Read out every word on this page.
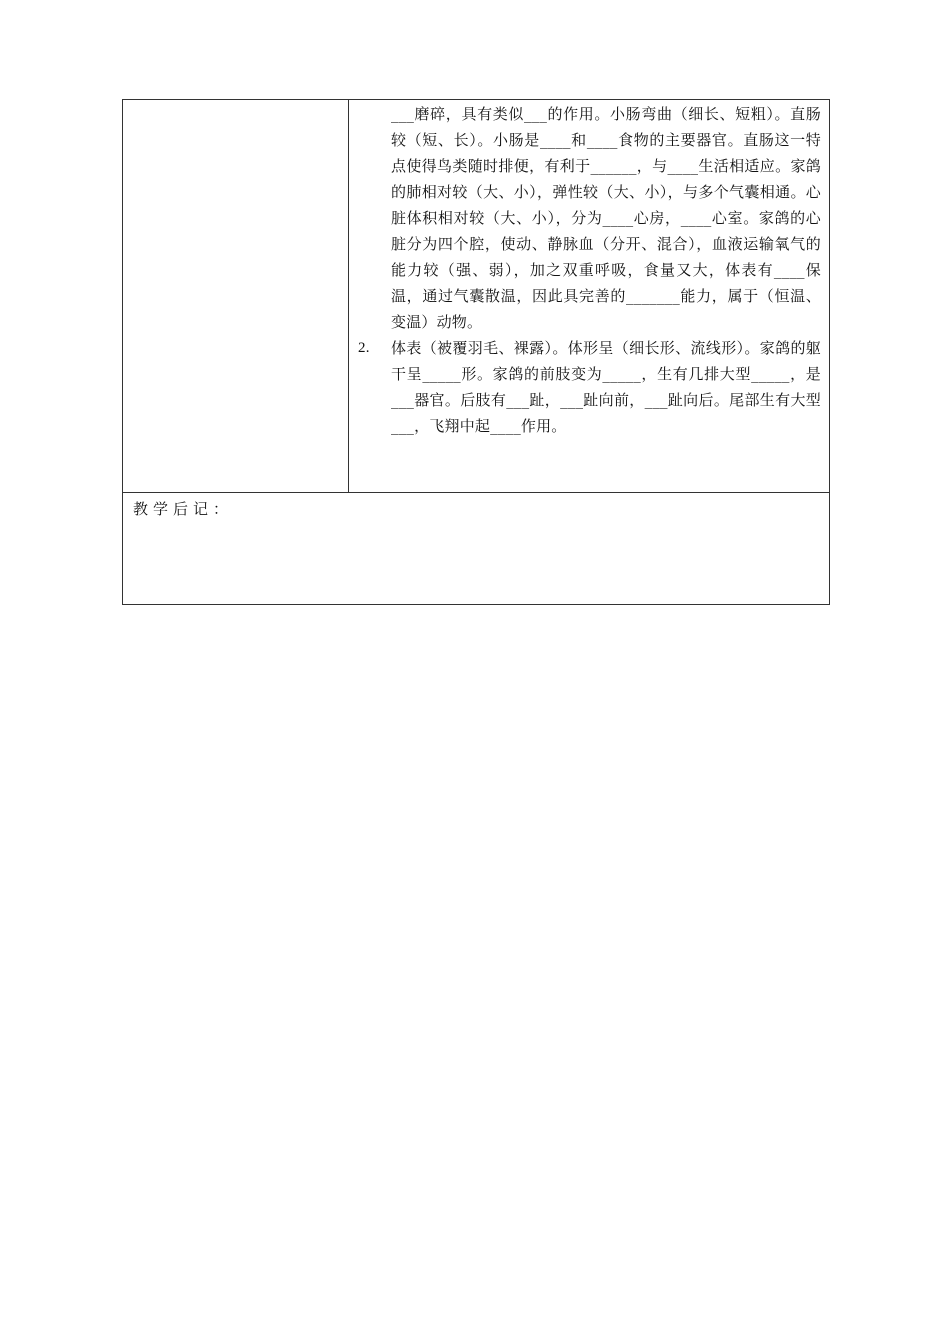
___磨碎，具有类似___的作用。小肠弯曲（细长、短粗）。直肠较（短、长）。小肠是____和____食物的主要器官。直肠这一特点使得鸟类随时排便，有利于______，与____生活相适应。家鸽的肺相对较（大、小），弹性较（大、小），与多个气囊相通。心脏体积相对较（大、小），分为____心房，____心室。家鸽的心脏分为四个腔，使动、静脉血（分开、混合），血液运输氧气的能力较（强、弱），加之双重呼吸，食量又大，体表有____保温，通过气囊散温，因此具完善的_______能力，属于（恒温、变温）动物。

2. 体表（被覆羽毛、裸露）。体形呈（细长形、流线形）。家鸽的躯干呈_____形。家鸽的前肢变为_____，生有几排大型_____，是___器官。后肢有___趾，___趾向前，___趾向后。尾部生有大型___，飞翔中起____作用。

教学后记：
